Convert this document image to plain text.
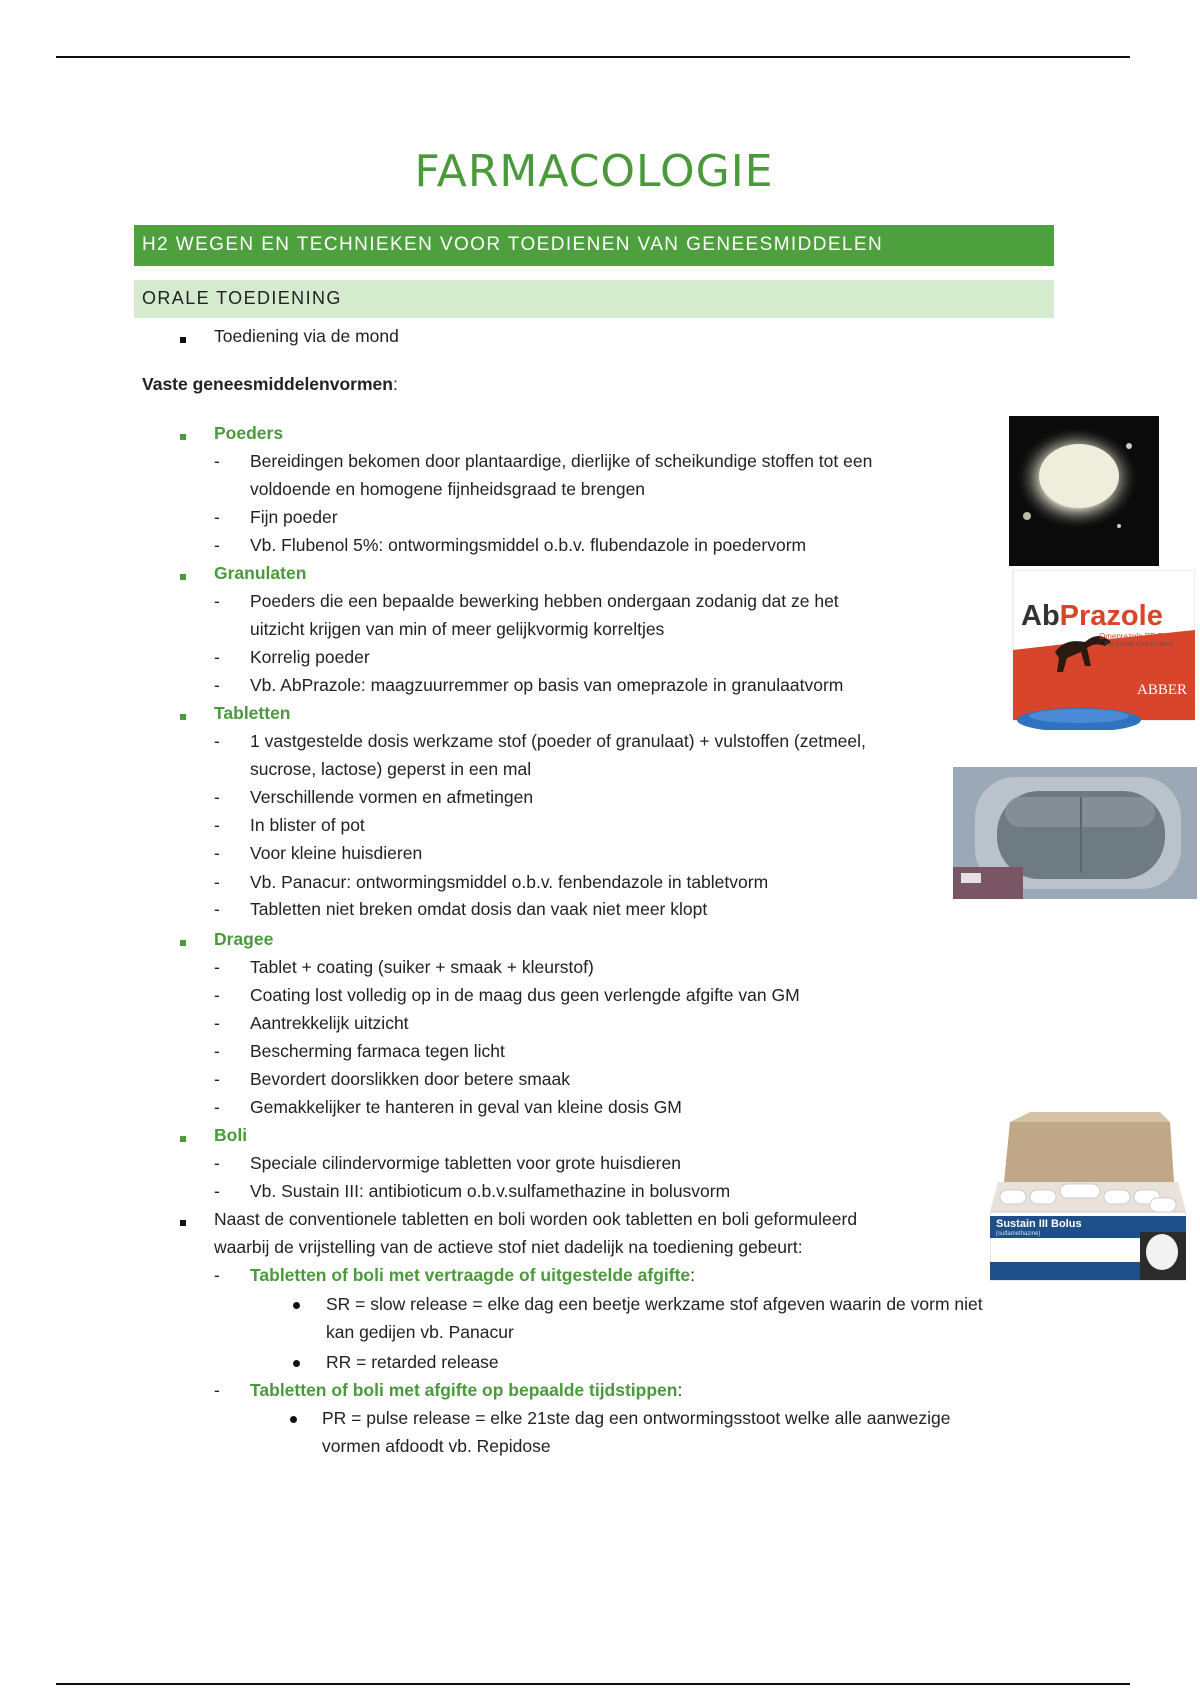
FARMACOLOGIE
H2 WEGEN EN TECHNIEKEN VOOR TOEDIENEN VAN GENEESMIDDELEN
ORALE TOEDIENING
Toediening via de mond
Vaste geneesmiddelenvormen:
Poeders
- Bereidingen bekomen door plantaardige, dierlijke of scheikundige stoffen tot een
voldoende en homogene fijnheidsgraad te brengen
- Fijn poeder
- Vb. Flubenol 5%: ontwormingsmiddel o.b.v. flubendazole in poedervorm
Granulaten
- Poeders die een bepaalde bewerking hebben ondergaan zodanig dat ze het
uitzicht krijgen van min of meer gelijkvormig korreltjes
- Korrelig poeder
- Vb. AbPrazole: maagzuurremmer op basis van omeprazole in granulaatvorm
Tabletten
- 1 vastgestelde dosis werkzame stof (poeder of granulaat) + vulstoffen (zetmeel,
sucrose, lactose) geperst in een mal
- Verschillende vormen en afmetingen
- In blister of pot
- Voor kleine huisdieren
- Vb. Panacur: ontwormingsmiddel o.b.v. fenbendazole in tabletvorm
- Tabletten niet breken omdat dosis dan vaak niet meer klopt
Dragee
- Tablet + coating (suiker + smaak + kleurstof)
- Coating lost volledig op in de maag dus geen verlengde afgifte van GM
- Aantrekkelijk uitzicht
- Bescherming farmaca tegen licht
- Bevordert doorslikken door betere smaak
- Gemakkelijker te hanteren in geval van kleine dosis GM
Boli
- Speciale cilindervormige tabletten voor grote huisdieren
- Vb. Sustain III: antibioticum o.b.v.sulfamethazine in bolusvorm
Naast de conventionele tabletten en boli worden ook tabletten en boli geformuleerd
waarbij de vrijstelling van de actieve stof niet dadelijk na toediening gebeurt:
- Tabletten of boli met vertraagde of uitgestelde afgifte:
SR = slow release = elke dag een beetje werkzame stof afgeven waarin de vorm niet
kan gedijen vb. Panacur
RR = retarded release
- Tabletten of boli met afgifte op bepaalde tijdstippen:
PR = pulse release = elke 21ste dag een ontwormingsstoot welke alle aanwezige
vormen afdoodt vb. Repidose
AbPrazole
Omeprazole BP 700 mg
For Equine Gastric Ulcers
ABBER
Sustain III Bolus
(sulfamethazine)
